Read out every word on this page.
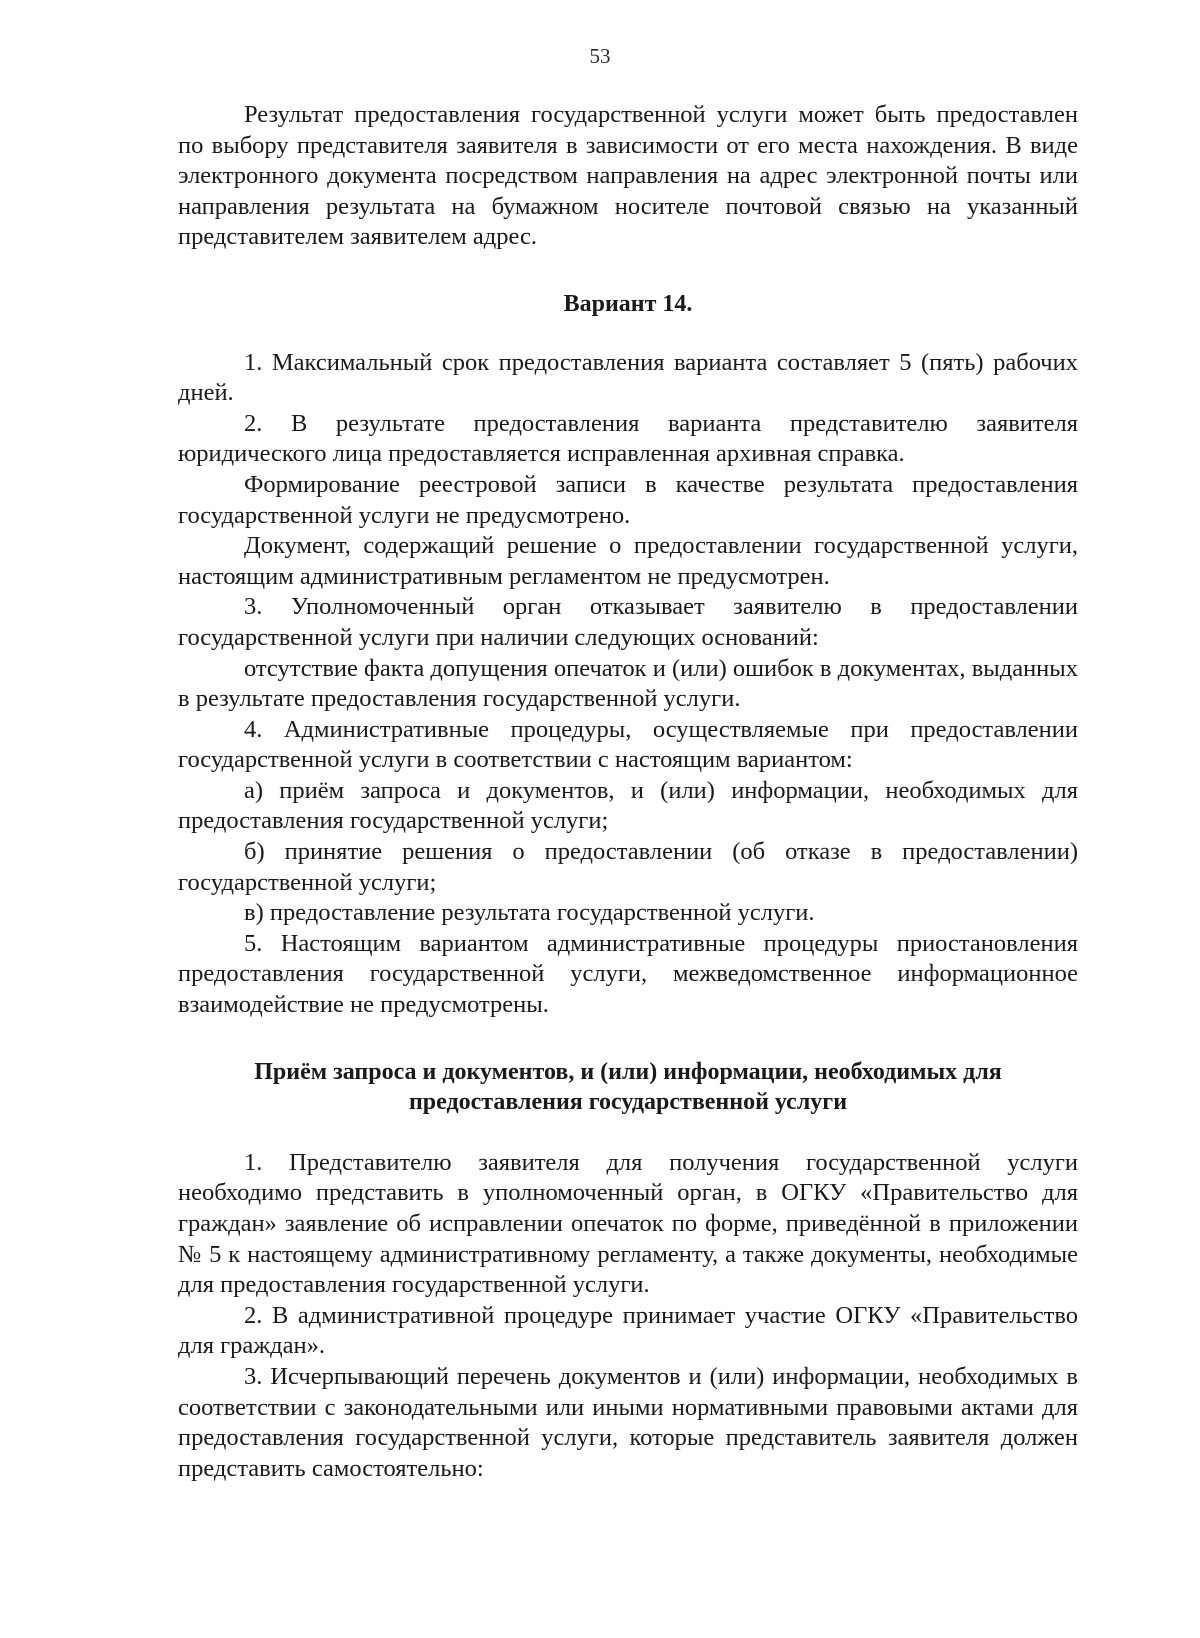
53

Результат предоставления государственной услуги может быть предоставлен по выбору представителя заявителя в зависимости от его места нахождения. В виде электронного документа посредством направления на адрес электронной почты или направления результата на бумажном носителе почтовой связью на указанный представителем заявителем адрес.

Вариант 14.

1. Максимальный срок предоставления варианта составляет 5 (пять) рабочих дней.

2. В результате предоставления варианта представителю заявителя юридического лица предоставляется исправленная архивная справка.

Формирование реестровой записи в качестве результата предоставления государственной услуги не предусмотрено.

Документ, содержащий решение о предоставлении государственной услуги, настоящим административным регламентом не предусмотрен.

3. Уполномоченный орган отказывает заявителю в предоставлении государственной услуги при наличии следующих оснований:

отсутствие факта допущения опечаток и (или) ошибок в документах, выданных в результате предоставления государственной услуги.

4. Административные процедуры, осуществляемые при предоставлении государственной услуги в соответствии с настоящим вариантом:

а) приём запроса и документов, и (или) информации, необходимых для предоставления государственной услуги;

б) принятие решения о предоставлении (об отказе в предоставлении) государственной услуги;

в) предоставление результата государственной услуги.

5. Настоящим вариантом административные процедуры приостановления предоставления государственной услуги, межведомственное информационное взаимодействие не предусмотрены.

Приём запроса и документов, и (или) информации, необходимых для
предоставления государственной услуги

1. Представителю заявителя для получения государственной услуги необходимо представить в уполномоченный орган, в ОГКУ «Правительство для граждан» заявление об исправлении опечаток по форме, приведённой в приложении № 5 к настоящему административному регламенту, а также документы, необходимые для предоставления государственной услуги.

2. В административной процедуре принимает участие ОГКУ «Правительство для граждан».

3. Исчерпывающий перечень документов и (или) информации, необходимых в соответствии с законодательными или иными нормативными правовыми актами для предоставления государственной услуги, которые представитель заявителя должен представить самостоятельно:
